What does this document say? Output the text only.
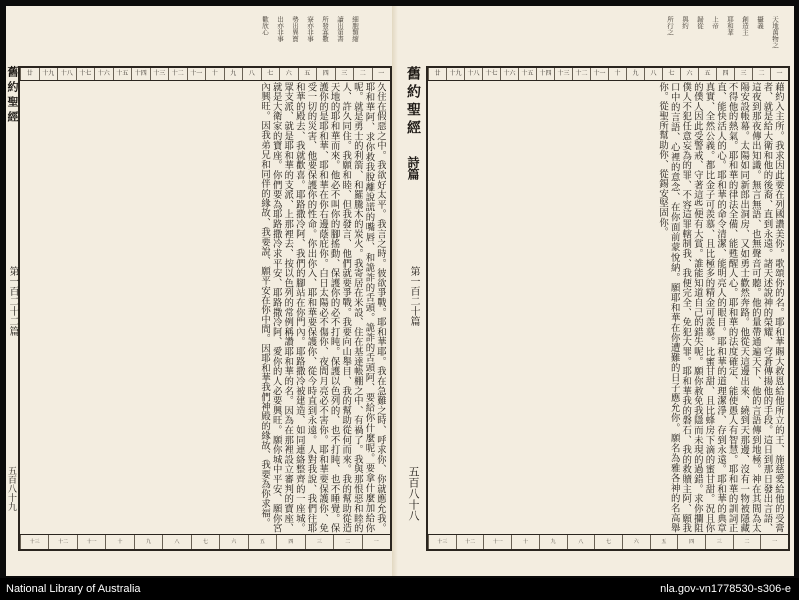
細胞類縮
讀出第書
所發寡數
寮亦非事
勢出異寶
出亦非事
歡欣心
一
二
三
四
五
六
七
八
九
十
十一
十二
十三
十四
十五
十六
十七
十八
十九
廿
久住在假惡之中。我欲好太平。我言之時。彼欲爭戰。耶和華耶。我在急難之時、呼求你、你就應允我。耶和華阿、求你救我脫離說謊的嘴唇、和詭詐的舌頭。詭詐的舌頭阿、要給你什麼呢。要拿什麼加給你呢。就是勇士的利箭、和羅騰木的炭火。我寄居在米設、住在基達帳棚之中、有禍了。我與那恨惡和睦的人、許久同住。我願和睦、但我發言、他們就要爭戰。我要向山舉目、我的幫助從何而來。我的幫助從造天地的耶和華而來。他必不叫你的腳搖動、保護你的必不打盹。保護以色列的、也不打盹、也不睡覺。保護你的是耶和華、耶和華在你右邊蔭庇你。白日太陽必不傷你、夜間月亮必不害你。耶和華要保護你、免受一切的災害、他要保護你的性命。你出你入、耶和華要保護你、從今時直到永遠。人對我說、我們往耶和華的殿去、我就歡喜。耶路撒冷阿、我們的腳站在你門內。耶路撒冷被建造、如同連絡整齊的一座城。眾支派、就是耶和華的支派、上那裡去、按以色列的常例稱讚耶和華的名。因為在那裡設立審判的寶座、就是大衛家的寶座。你們要為耶路撒冷求平安、耶路撒冷阿、愛你的人必要興旺。願你城中平安、願你宮內興旺。因我弟兄和同伴的緣故、我要說、願平安在你中間。因耶和華我們神殿的緣故、我要為你求福。
一
二
三
四
五
六
七
八
九
十
十一
十二
十三
舊約聖經
第一百二十二篇
五百八十九
天地萬物之
攝義
創造主
耶和華
上帝
歸從
與約
所行之
舊約聖經
詩篇
第一百二十篇
五百八十八
一
二
三
四
五
六
七
八
九
十
十一
十二
十三
十四
十五
十六
十七
十八
十九
廿
藉約入主所。我求因此要在列國讚美你。歌頌你的名。耶和華賜大救恩給他所立的王、施慈愛給他的受膏者、就是給大衛和他的後裔、直到永遠。諸天述說神的榮耀、穹蒼傳揚他的手段。這日到那日發出言語、這夜到那夜傳出知識。無言無語、也無聲音可聽。他的量帶通遍天下、他的言語傳到地極。神在其間為太陽安設帳幕。太陽如同新郎出洞房、又如勇士歡然奔路。他從天這邊出來、繞到天那邊、沒有一物被隱藏不得他的熱氣。耶和華的律法全備、能甦醒人心。耶和華的法度確定、能使愚人有智慧。耶和華的訓詞正直、能快活人的心。耶和華的命令清潔、能明亮人的眼目。耶和華的道理潔淨、存到永遠。耶和華的典章真實、全然公義。都比金子可羨慕、且比極多的精金可羨慕。比蜜甘甜、且比蜂房下滴的蜜甘甜。況且你的僕人因此受警戒、守著這些便有大賞。誰能知道自己的錯失呢。願你赦免我隱而未現的過錯。求你攔阻僕人不犯任意妄為的罪、不容這罪轄制我、我便完全、免犯大罪。耶和華我的磐石、我的救贖主阿、願我口中的言語、心裡的意念、在你面前蒙悅納。願耶和華在你遭難的日子應允你。願名為雅各神的名高舉你。從聖所幫助你、從錫安堅固你。
一
二
三
四
五
六
七
八
九
十
十一
十二
十三
National Library of Australia	nla.gov-vn1778530-s306-e
